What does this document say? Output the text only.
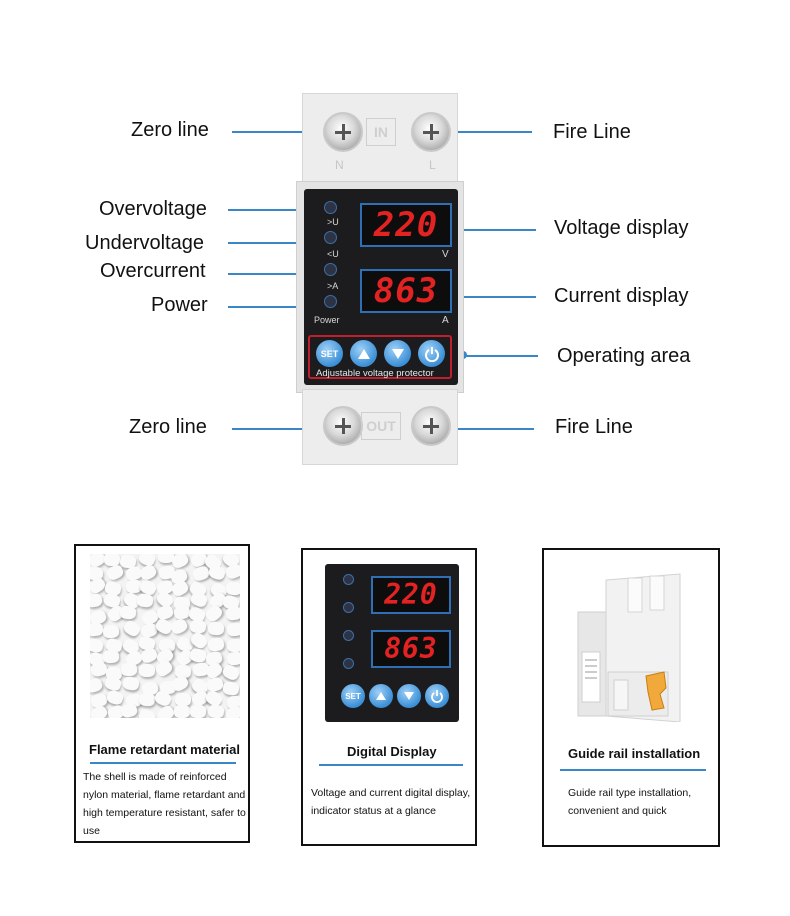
Zero line	Fire Line
Overvoltage
Undervoltage
Overcurrent
Power
Voltage display
Current display
Operating area
Zero line	Fire Line
IN
N	L
>U
<U
>A
Power
220
V
863
A
SET
Adjustable voltage protector
OUT
Flame retardant material
The shell is made of reinforced nylon material, flame retardant and high temperature resistant, safer to use
220
863
SET
Digital Display
Voltage and current digital display, indicator status at a glance
Guide rail installation
Guide rail type installation, convenient and quick
